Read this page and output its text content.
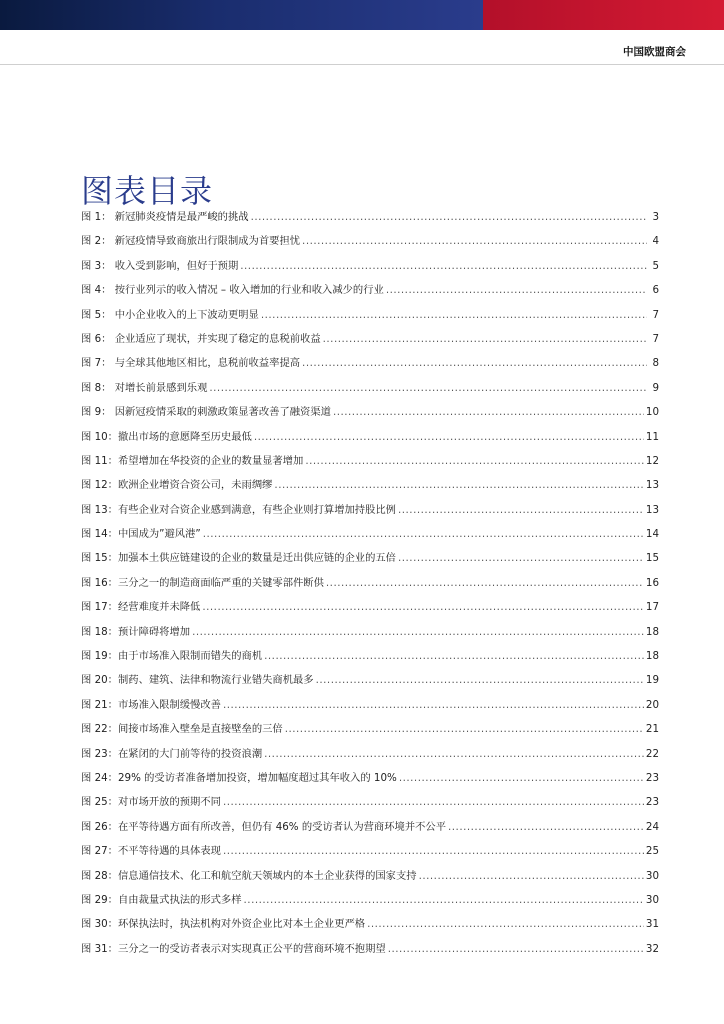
中国欧盟商会
图表目录
图 1： 新冠肺炎疫情是最严峻的挑战 .....	3
图 2： 新冠疫情导致商旅出行限制成为首要担忧 .....	4
图 3： 收入受到影响，但好于预期 .....	5
图 4： 按行业列示的收入情况 – 收入增加的行业和收入减少的行业 .....	6
图 5： 中小企业收入的上下波动更明显 .....	7
图 6： 企业适应了现状，并实现了稳定的息税前收益 .....	7
图 7： 与全球其他地区相比，息税前收益率提高 .....	8
图 8： 对增长前景感到乐观 .....	9
图 9： 因新冠疫情采取的刺激政策显著改善了融资渠道 .....	10
图 10：撤出市场的意愿降至历史最低 .....	11
图 11：希望增加在华投资的企业的数量显著增加 .....	12
图 12：欧洲企业增资合资公司，未雨绸缪 .....	13
图 13：有些企业对合资企业感到满意，有些企业则打算增加持股比例 .....	13
图 14：中国成为”避风港” .....	14
图 15：加强本土供应链建设的企业的数量是迁出供应链的企业的五倍 .....	15
图 16：三分之一的制造商面临严重的关键零部件断供 .....	16
图 17：经营难度并未降低 .....	17
图 18：预计障碍将增加 .....	18
图 19：由于市场准入限制而错失的商机 .....	18
图 20：制药、建筑、法律和物流行业错失商机最多 .....	19
图 21：市场准入限制缓慢改善 .....	20
图 22：间接市场准入壁垒是直接壁垒的三倍 .....	21
图 23：在紧闭的大门前等待的投资浪潮 .....	22
图 24：29% 的受访者准备增加投资，增加幅度超过其年收入的 10% .....	23
图 25：对市场开放的预期不同 .....	23
图 26：在平等待遇方面有所改善，但仍有 46% 的受访者认为营商环境并不公平 .....	24
图 27：不平等待遇的具体表现 .....	25
图 28：信息通信技术、化工和航空航天领域内的本土企业获得的国家支持 .....	30
图 29：自由裁量式执法的形式多样 .....	30
图 30：环保执法时，执法机构对外资企业比对本土企业更严格 .....	31
图 31：三分之一的受访者表示对实现真正公平的营商环境不抱期望 .....	32
